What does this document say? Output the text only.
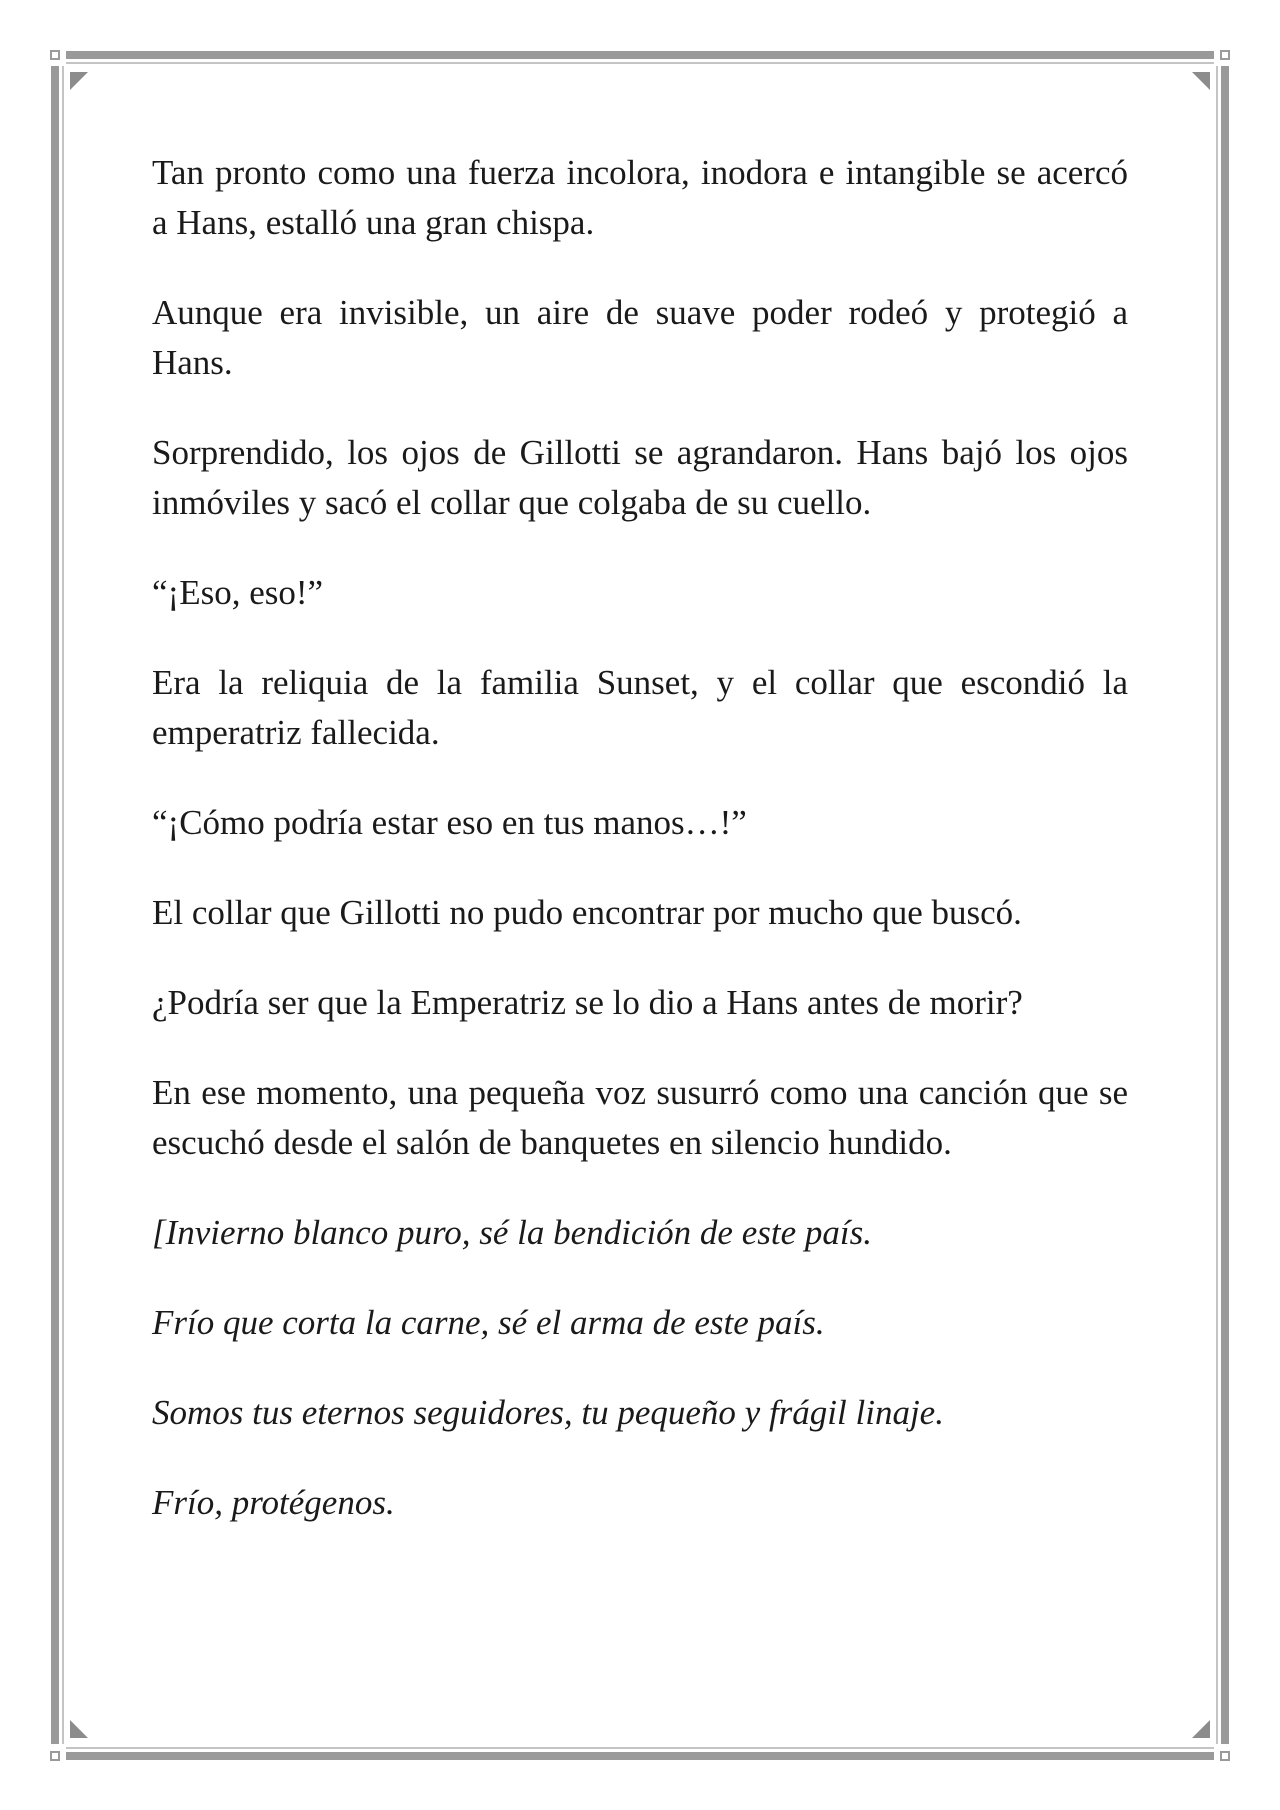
Tan pronto como una fuerza incolora, inodora e intangible se acercó a Hans, estalló una gran chispa.

Aunque era invisible, un aire de suave poder rodeó y protegió a Hans.

Sorprendido, los ojos de Gillotti se agrandaron. Hans bajó los ojos inmóviles y sacó el collar que colgaba de su cuello.

“¡Eso, eso!”

Era la reliquia de la familia Sunset, y el collar que escondió la emperatriz fallecida.

“¡Cómo podría estar eso en tus manos…!”

El collar que Gillotti no pudo encontrar por mucho que buscó.

¿Podría ser que la Emperatriz se lo dio a Hans antes de morir?

En ese momento, una pequeña voz susurró como una canción que se escuchó desde el salón de banquetes en silencio hundido.

[Invierno blanco puro, sé la bendición de este país.

Frío que corta la carne, sé el arma de este país.

Somos tus eternos seguidores, tu pequeño y frágil linaje.

Frío, protégenos.
